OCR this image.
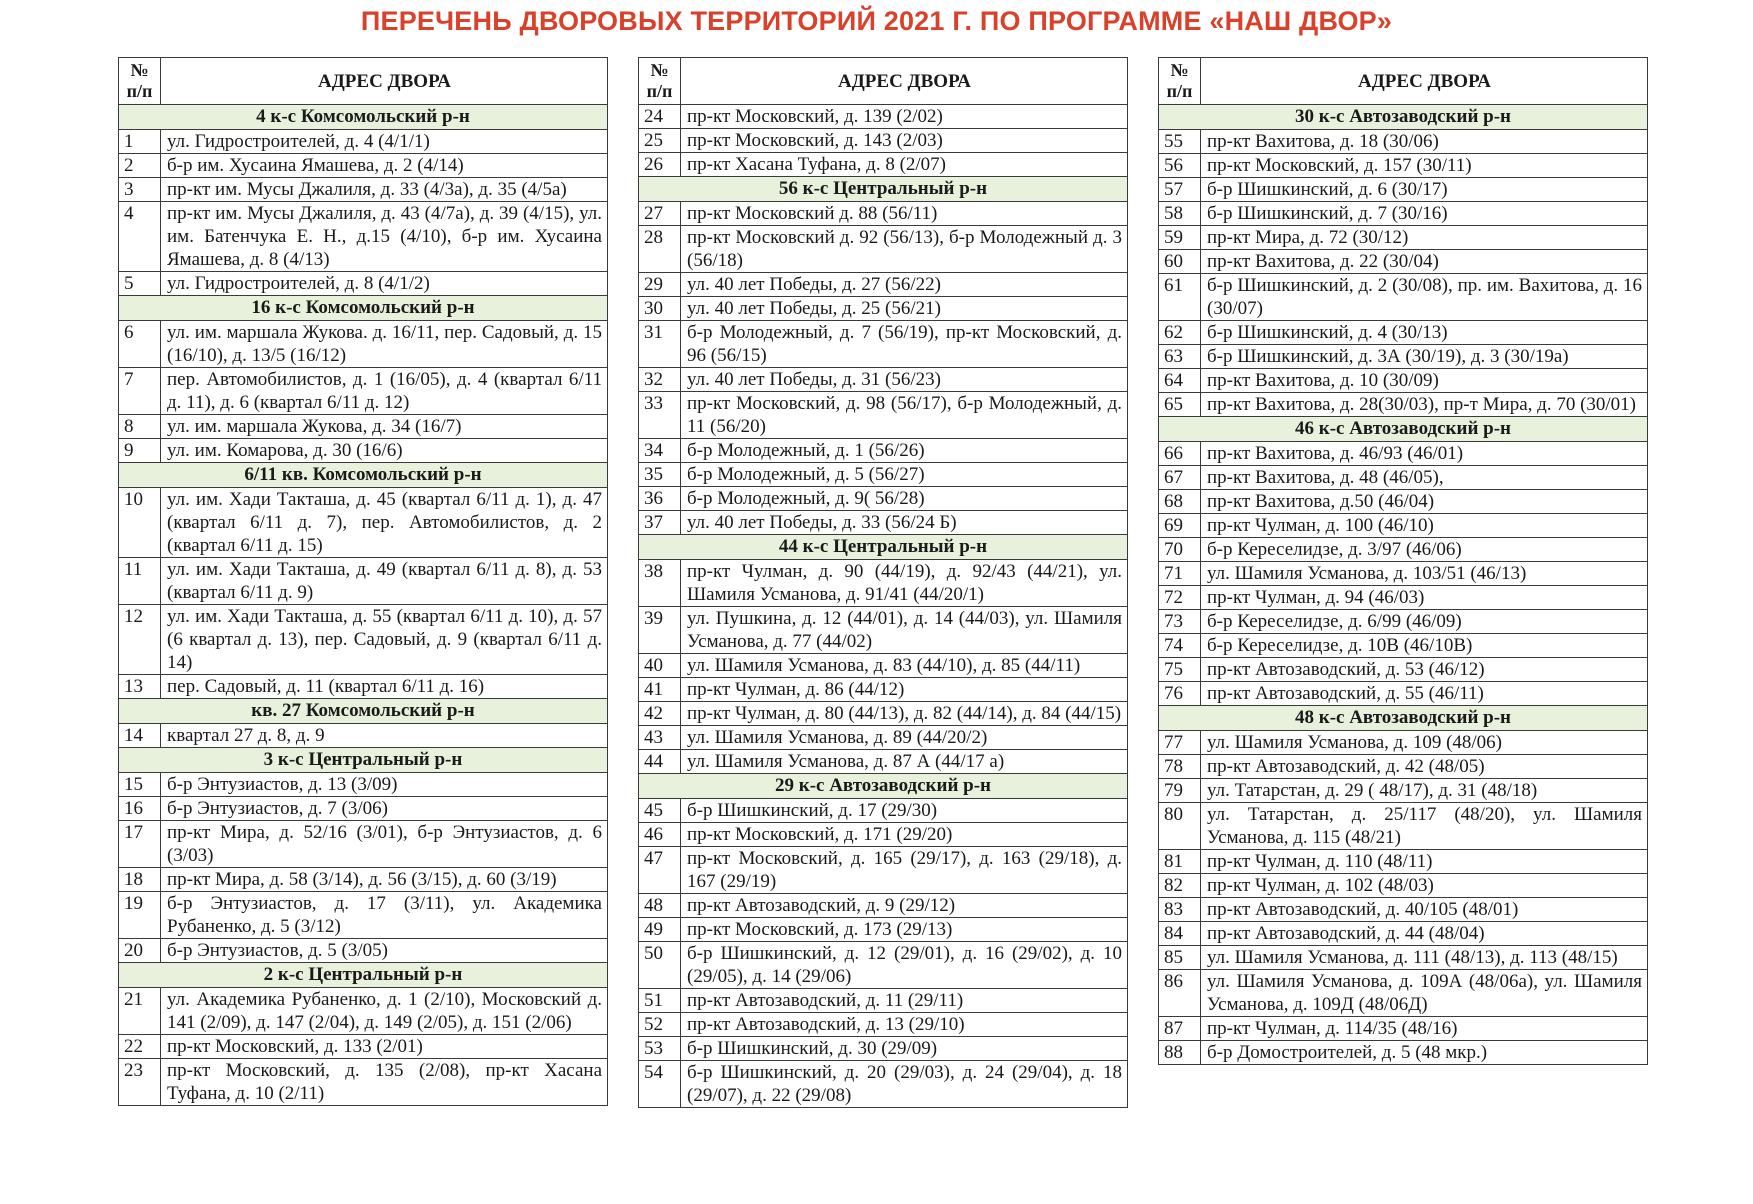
ПЕРЕЧЕНЬ ДВОРОВЫХ ТЕРРИТОРИЙ 2021 Г. ПО ПРОГРАММЕ «НАШ ДВОР»
№ п/п	АДРЕС ДВОРА
4 к-с Комсомольский р-н	
1	ул. Гидростроителей, д. 4 (4/1/1)
2	б-р им. Хусаина Ямашева, д. 2 (4/14)
3	пр-кт им. Мусы Джалиля, д. 33 (4/3а), д. 35 (4/5а)
4	пр-кт им. Мусы Джалиля, д. 43 (4/7а), д. 39 (4/15), ул. им. Батенчука Е. Н., д.15 (4/10), б-р им. Хусаина Ямашева, д. 8 (4/13)
5	ул. Гидростроителей, д. 8 (4/1/2)
16 к-с Комсомольский р-н	
6	ул. им. маршала Жукова. д. 16/11, пер. Садовый, д. 15 (16/10), д. 13/5 (16/12)
7	пер. Автомобилистов, д. 1 (16/05), д. 4 (квартал 6/11 д. 11), д. 6 (квартал 6/11 д. 12)
8	ул. им. маршала Жукова, д. 34 (16/7)
9	ул. им. Комарова, д. 30 (16/6)
6/11 кв. Комсомольский р-н	
10	ул. им. Хади Такташа, д. 45 (квартал 6/11 д. 1), д. 47 (квартал 6/11 д. 7), пер. Автомобилистов, д. 2 (квартал 6/11 д. 15)
11	ул. им. Хади Такташа, д. 49 (квартал 6/11 д. 8), д. 53 (квартал 6/11 д. 9)
12	ул. им. Хади Такташа, д. 55 (квартал 6/11 д. 10), д. 57 (6 квартал д. 13), пер. Садовый, д. 9 (квартал 6/11 д. 14)
13	пер. Садовый, д. 11 (квартал 6/11 д. 16)
кв. 27 Комсомольский р-н	
14	квартал 27 д. 8, д. 9
3 к-с Центральный р-н	
15	б-р Энтузиастов, д. 13 (3/09)
16	б-р Энтузиастов, д. 7 (3/06)
17	пр-кт Мира, д. 52/16 (3/01), б-р Энтузиастов, д. 6 (3/03)
18	пр-кт Мира, д. 58 (3/14), д. 56 (3/15), д. 60 (3/19)
19	б-р Энтузиастов, д. 17 (3/11), ул. Академика Рубаненко, д. 5 (3/12)
20	б-р Энтузиастов, д. 5 (3/05)
2 к-с Центральный р-н	
21	ул. Академика Рубаненко, д. 1 (2/10), Московский д. 141 (2/09), д. 147 (2/04), д. 149 (2/05), д. 151 (2/06)
22	пр-кт Московский, д. 133 (2/01)
23	пр-кт Московский, д. 135 (2/08), пр-кт Хасана Туфана, д. 10 (2/11)
№ п/п	АДРЕС ДВОРА
24	пр-кт Московский, д. 139 (2/02)
25	пр-кт Московский, д. 143 (2/03)
26	пр-кт Хасана Туфана, д. 8 (2/07)
56 к-с Центральный р-н	
27	пр-кт Московский д. 88 (56/11)
28	пр-кт Московский д. 92 (56/13), б-р Молодежный д. 3 (56/18)
29	ул. 40 лет Победы, д. 27 (56/22)
30	ул. 40 лет Победы, д. 25 (56/21)
31	б-р Молодежный, д. 7 (56/19), пр-кт Московский, д. 96 (56/15)
32	ул. 40 лет Победы, д. 31 (56/23)
33	пр-кт Московский, д. 98 (56/17), б-р Молодежный, д. 11 (56/20)
34	б-р Молодежный, д. 1 (56/26)
35	б-р Молодежный, д. 5 (56/27)
36	б-р Молодежный, д. 9( 56/28)
37	ул. 40 лет Победы, д. 33 (56/24 Б)
44 к-с Центральный р-н	
38	пр-кт Чулман, д. 90 (44/19), д. 92/43 (44/21), ул. Шамиля Усманова, д. 91/41 (44/20/1)
39	ул. Пушкина, д. 12 (44/01), д. 14 (44/03), ул. Шамиля Усманова, д. 77 (44/02)
40	ул. Шамиля Усманова, д. 83 (44/10), д. 85 (44/11)
41	пр-кт Чулман, д. 86 (44/12)
42	пр-кт Чулман, д. 80 (44/13), д. 82 (44/14), д. 84 (44/15)
43	ул. Шамиля Усманова, д. 89 (44/20/2)
44	ул. Шамиля Усманова, д. 87 А (44/17 а)
29 к-с Автозаводский р-н	
45	б-р Шишкинский, д. 17 (29/30)
46	пр-кт Московский, д. 171 (29/20)
47	пр-кт Московский, д. 165 (29/17), д. 163 (29/18), д. 167 (29/19)
48	пр-кт Автозаводский, д. 9 (29/12)
49	пр-кт Московский, д. 173 (29/13)
50	б-р Шишкинский, д. 12 (29/01), д. 16 (29/02), д. 10 (29/05), д. 14 (29/06)
51	пр-кт Автозаводский, д. 11 (29/11)
52	пр-кт Автозаводский, д. 13 (29/10)
53	б-р Шишкинский, д. 30 (29/09)
54	б-р Шишкинский, д. 20 (29/03), д. 24 (29/04), д. 18 (29/07), д. 22 (29/08)
№ п/п	АДРЕС ДВОРА
30 к-с Автозаводский р-н	
55	пр-кт Вахитова, д. 18 (30/06)
56	пр-кт Московский, д. 157 (30/11)
57	б-р Шишкинский, д. 6 (30/17)
58	б-р Шишкинский, д. 7 (30/16)
59	пр-кт Мира, д. 72 (30/12)
60	пр-кт Вахитова, д. 22 (30/04)
61	б-р Шишкинский, д. 2 (30/08), пр. им. Вахитова, д. 16 (30/07)
62	б-р Шишкинский, д. 4 (30/13)
63	б-р Шишкинский, д. 3А (30/19), д. 3 (30/19а)
64	пр-кт Вахитова, д. 10 (30/09)
65	пр-кт Вахитова, д. 28(30/03), пр-т Мира, д. 70 (30/01)
46 к-с Автозаводский р-н	
66	пр-кт Вахитова, д. 46/93 (46/01)
67	пр-кт Вахитова, д. 48 (46/05),
68	пр-кт Вахитова, д.50 (46/04)
69	пр-кт Чулман, д. 100 (46/10)
70	б-р Кереселидзе, д. 3/97 (46/06)
71	ул. Шамиля Усманова, д. 103/51 (46/13)
72	пр-кт Чулман, д. 94 (46/03)
73	б-р Кереселидзе, д. 6/99 (46/09)
74	б-р Кереселидзе, д. 10В (46/10В)
75	пр-кт Автозаводский, д. 53 (46/12)
76	пр-кт Автозаводский, д. 55 (46/11)
48 к-с Автозаводский р-н	
77	ул. Шамиля Усманова, д. 109 (48/06)
78	пр-кт Автозаводский, д. 42 (48/05)
79	ул. Татарстан, д. 29 ( 48/17), д. 31 (48/18)
80	ул. Татарстан, д. 25/117 (48/20), ул. Шамиля Усманова, д. 115 (48/21)
81	пр-кт Чулман, д. 110 (48/11)
82	пр-кт Чулман, д. 102 (48/03)
83	пр-кт Автозаводский, д. 40/105 (48/01)
84	пр-кт Автозаводский, д. 44 (48/04)
85	ул. Шамиля Усманова, д. 111 (48/13), д. 113 (48/15)
86	ул. Шамиля Усманова, д. 109А (48/06а), ул. Шамиля Усманова, д. 109Д (48/06Д)
87	пр-кт Чулман, д. 114/35 (48/16)
88	б-р Домостроителей, д. 5 (48 мкр.)
